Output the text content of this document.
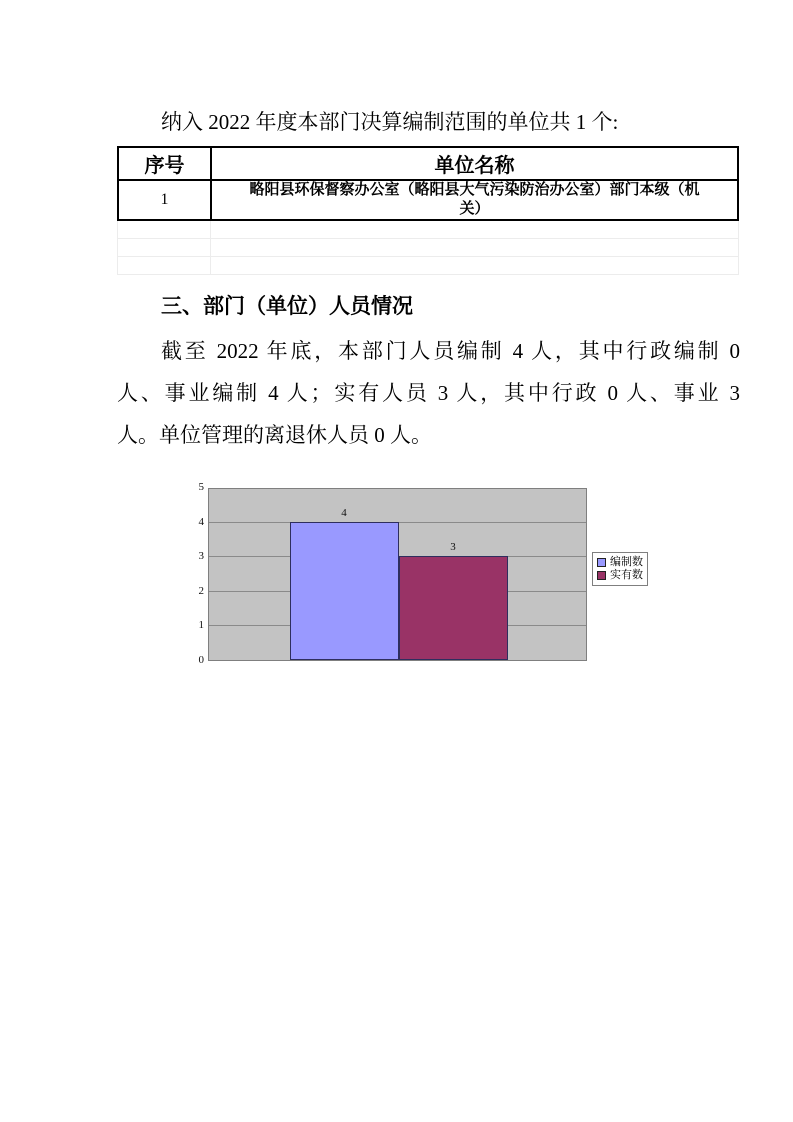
纳入 2022 年度本部门决算编制范围的单位共 1 个:

序号	单位名称
1
略阳县环保督察办公室（略阳县大气污染防治办公室）部门本级（机关）
三、部门（单位）人员情况
截至 2022 年底，本部门人员编制 4 人，其中行政编制 0
人、事业编制 4 人；实有人员 3 人，其中行政 0 人、事业 3
人。单位管理的离退休人员 0 人。
4
3
编制数
实有数
0
1
2
3
4
5
